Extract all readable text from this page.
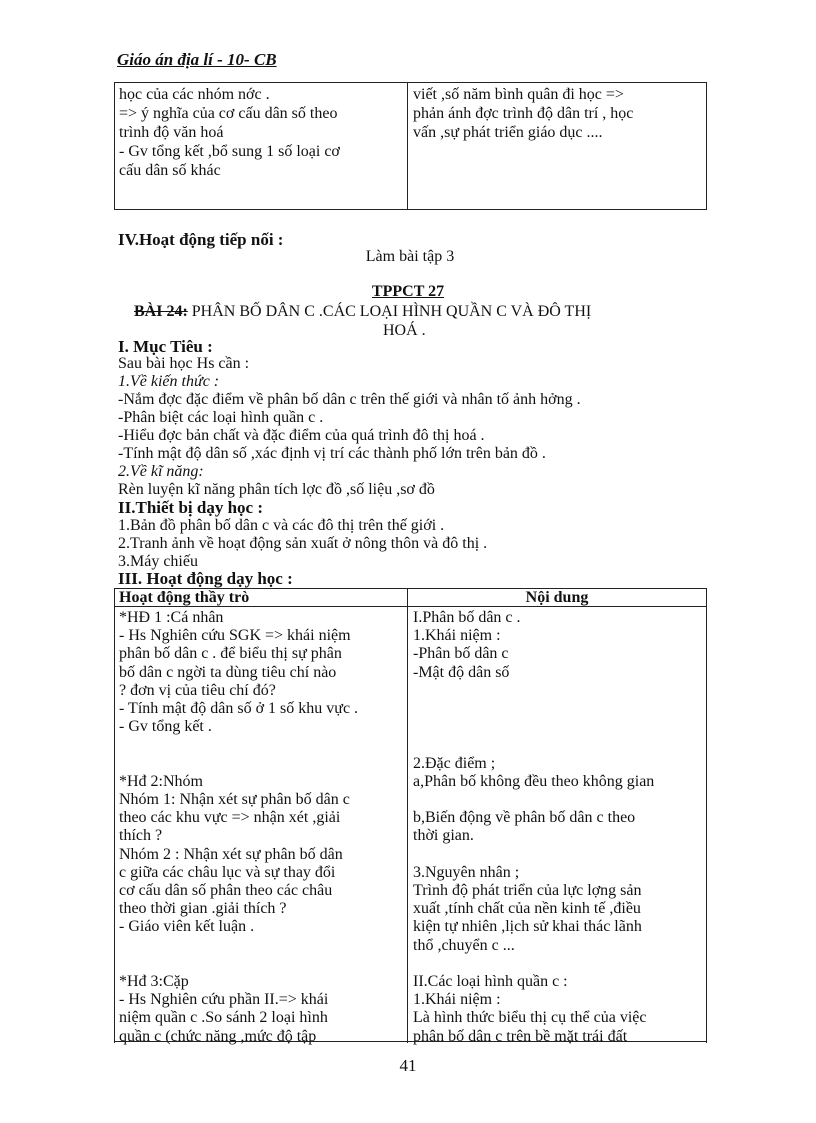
Giáo án địa lí - 10- CB
học của các nhóm nớc .
=> ý nghĩa của cơ cấu dân số theo
trình độ văn hoá
- Gv tổng kết ,bổ sung 1 số loại cơ
cấu dân số khác
viết ,số năm bình quân đi học =>
phản ánh đợc trình độ dân trí , học
vấn ,sự phát triển giáo dục ....
IV.Hoạt động tiếp nối :
Làm bài tập 3
TPPCT 27
BÀI 24: PHÂN BỐ DÂN C .CÁC LOẠI HÌNH QUẦN C VÀ ĐÔ THỊ
HOÁ .
I. Mục Tiêu :
Sau bài học Hs cần :
1.Về kiến thức :
-Nắm đợc đặc điểm về phân bố dân c trên thế giới và nhân tố ảnh hởng .
-Phân biệt các loại hình quần c .
-Hiểu đợc bản chất và đặc điểm của quá trình đô thị hoá .
-Tính mật độ dân số ,xác định vị trí các thành phố lớn trên bản đồ .
2.Về kĩ năng:
Rèn luyện kĩ năng phân tích lợc đồ ,số liệu ,sơ đồ
II.Thiết bị dạy học :
1.Bản đồ phân bố dân c và các đô thị trên thế giới .
2.Tranh ảnh về hoạt động sản xuất ở nông thôn và đô thị .
3.Máy chiếu
III. Hoạt động dạy học :
Hoạt động thầy trò	Nội dung
*HĐ 1 :Cá nhân
- Hs Nghiên cứu SGK => khái niệm
phân bố dân c . để biểu thị sự phân
bố dân c ngời ta dùng tiêu chí nào
? đơn vị của tiêu chí đó?
- Tính mật độ dân số ở 1 số khu vực .
- Gv tổng kết .

*Hđ 2:Nhóm
Nhóm 1: Nhận xét sự phân bố dân c
theo các khu vực => nhận xét ,giải
thích ?
Nhóm 2 : Nhận xét sự phân bố dân
c giữa các châu lục và sự thay đổi
cơ cấu dân số phân theo các châu
theo thời gian .giải thích ?
- Giáo viên kết luận .

*Hđ 3:Cặp
- Hs Nghiên cứu phần II.=> khái
niệm quần c .So sánh 2 loại hình
quần c (chức năng ,mức độ tập
I.Phân bố dân c .
1.Khái niệm :
-Phân bố dân c
-Mật độ dân số

2.Đặc điểm ;
a,Phân bố không đều theo không gian

b,Biến động về phân bố dân c theo
thời gian.

3.Nguyên nhân ;
Trình độ phát triển của lực lợng sản
xuất ,tính chất của nền kinh tế ,điều
kiện tự nhiên ,lịch sử khai thác lãnh
thổ ,chuyển c ...

II.Các loại hình quần c :
1.Khái niệm :
Là hình thức biểu thị cụ thể của việc
phân bố dân c trên bề mặt trái đất
41
